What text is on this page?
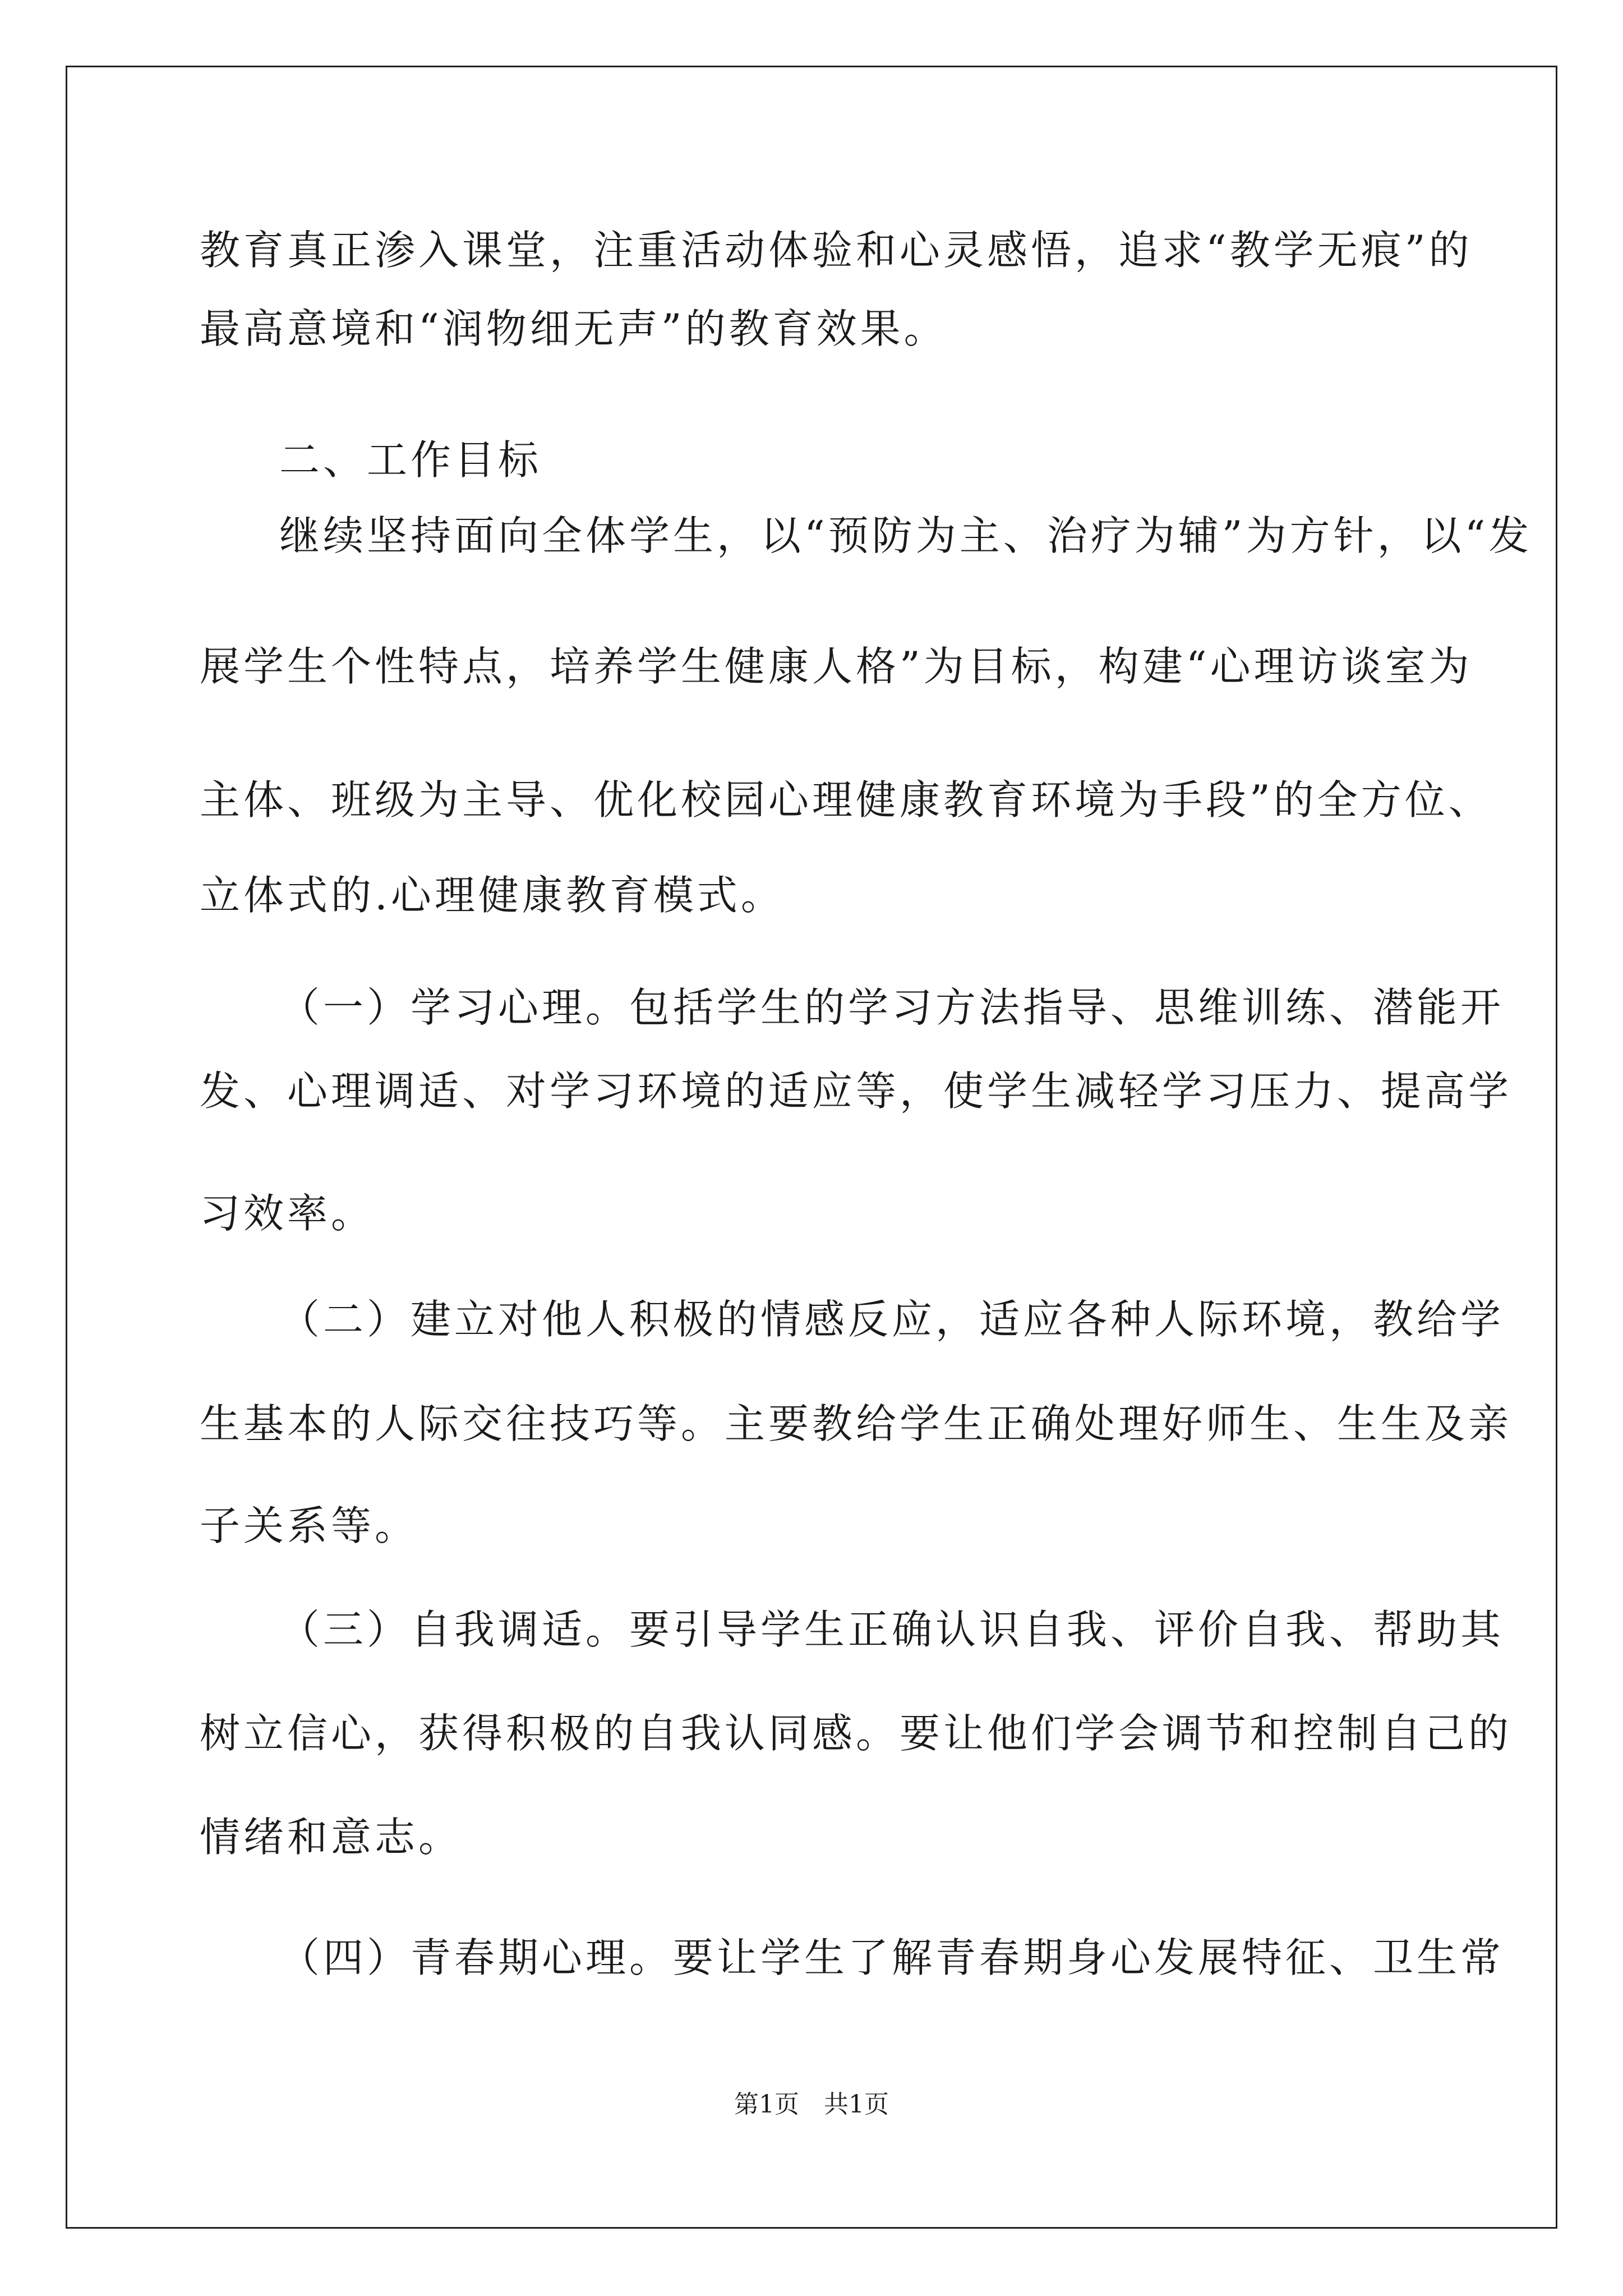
教育真正渗入课堂，注重活动体验和心灵感悟，追求“教学无痕”的
最高意境和“润物细无声”的教育效果。
二、工作目标
继续坚持面向全体学生，以“预防为主、治疗为辅”为方针，以“发
展学生个性特点，培养学生健康人格”为目标，构建“心理访谈室为
主体、班级为主导、优化校园心理健康教育环境为手段”的全方位、
立体式的.心理健康教育模式。
（一）学习心理。包括学生的学习方法指导、思维训练、潜能开
发、心理调适、对学习环境的适应等，使学生减轻学习压力、提高学
习效率。
（二）建立对他人积极的情感反应，适应各种人际环境，教给学
生基本的人际交往技巧等。主要教给学生正确处理好师生、生生及亲
子关系等。
（三）自我调适。要引导学生正确认识自我、评价自我、帮助其
树立信心，获得积极的自我认同感。要让他们学会调节和控制自己的
情绪和意志。
（四）青春期心理。要让学生了解青春期身心发展特征、卫生常
第1页　共1页
